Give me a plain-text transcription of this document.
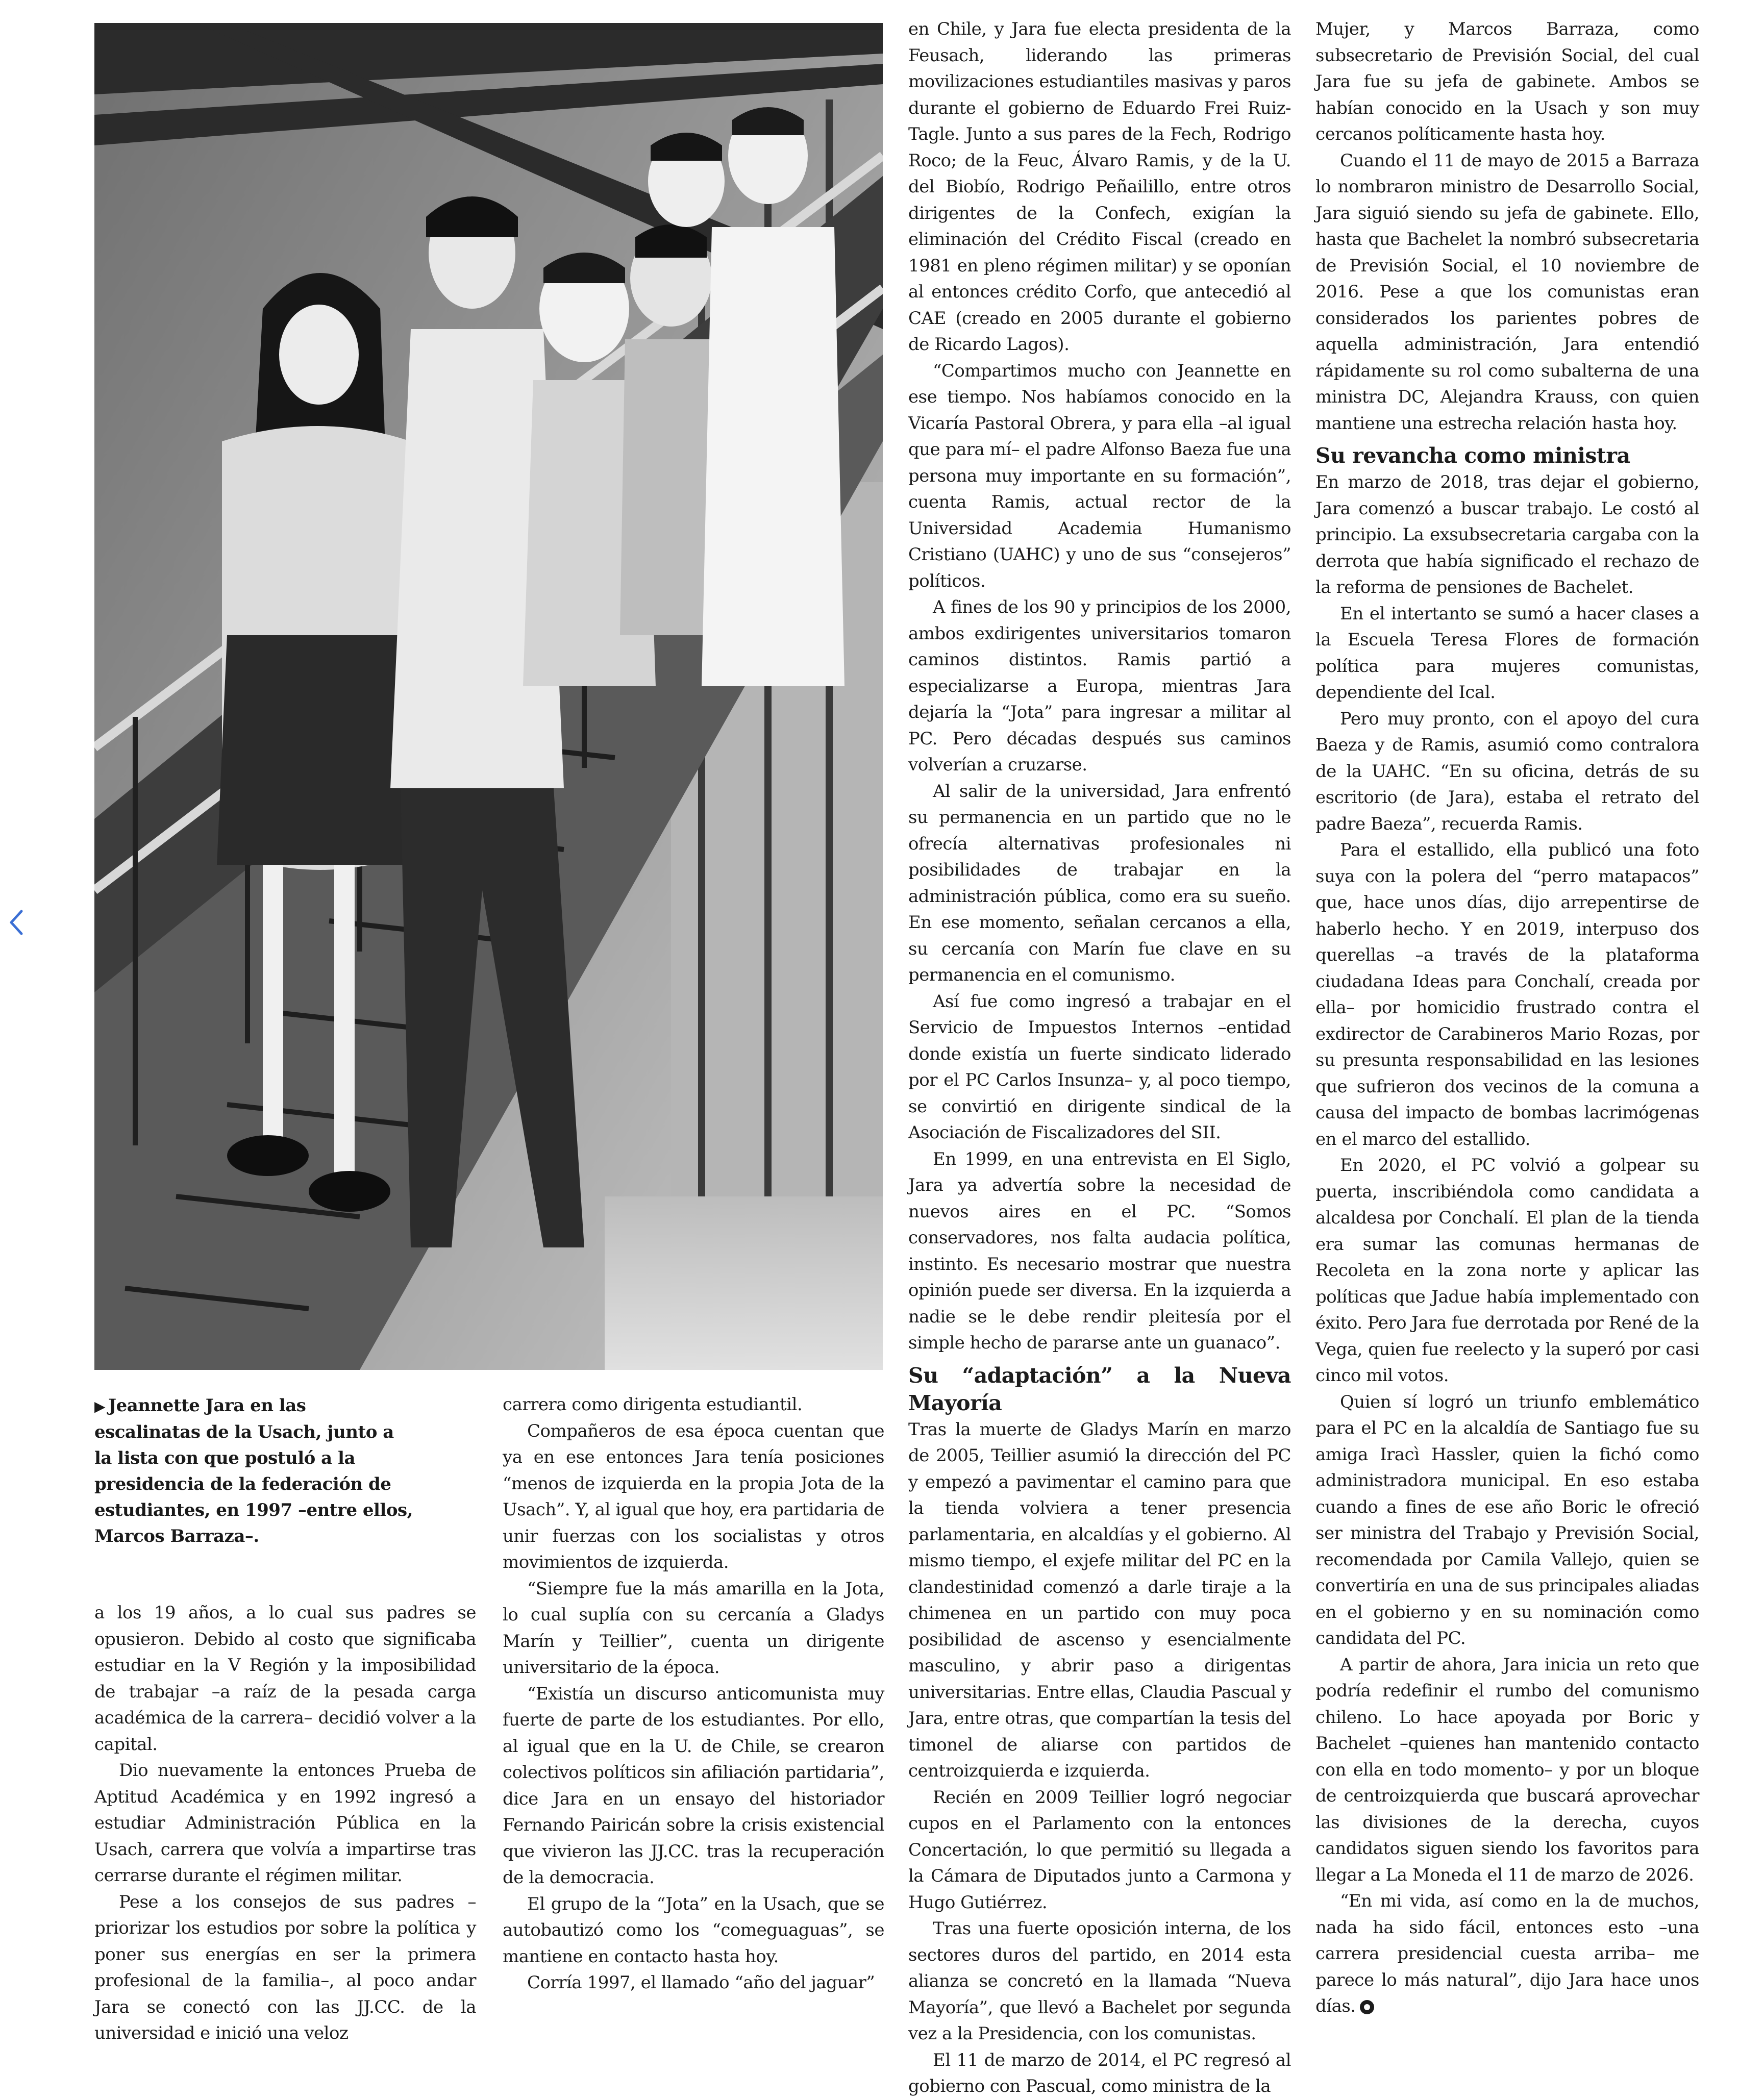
▶ Jeannette Jara en las escalinatas de la Usach, junto a la lista con que postuló a la presidencia de la federación de estudiantes, en 1997 –entre ellos, Marcos Barraza–.

a los 19 años, a lo cual sus padres se opusieron. Debido al costo que significaba estudiar en la V Región y la imposibilidad de trabajar –a raíz de la pesada carga académica de la carrera– decidió volver a la capital.

Dio nuevamente la entonces Prueba de Aptitud Académica y en 1992 ingresó a estudiar Administración Pública en la Usach, carrera que volvía a impartirse tras cerrarse durante el régimen militar.

Pese a los consejos de sus padres –priorizar los estudios por sobre la política y poner sus energías en ser la primera profesional de la familia–, al poco andar Jara se conectó con las JJ.CC. de la universidad e inició una veloz

carrera como dirigenta estudiantil.

Compañeros de esa época cuentan que ya en ese entonces Jara tenía posiciones “menos de izquierda en la propia Jota de la Usach”. Y, al igual que hoy, era partidaria de unir fuerzas con los socialistas y otros movimientos de izquierda.

“Siempre fue la más amarilla en la Jota, lo cual suplía con su cercanía a Gladys Marín y Teillier”, cuenta un dirigente universitario de la época.

“Existía un discurso anticomunista muy fuerte de parte de los estudiantes. Por ello, al igual que en la U. de Chile, se crearon colectivos políticos sin afiliación partidaria”, dice Jara en un ensayo del historiador Fernando Pairicán sobre la crisis existencial que vivieron las JJ.CC. tras la recuperación de la democracia.

El grupo de la “Jota” en la Usach, que se autobautizó como los “comeguaguas”, se mantiene en contacto hasta hoy.

Corría 1997, el llamado “año del jaguar”

en Chile, y Jara fue electa presidenta de la Feusach, liderando las primeras movilizaciones estudiantiles masivas y paros durante el gobierno de Eduardo Frei Ruiz-Tagle. Junto a sus pares de la Fech, Rodrigo Roco; de la Feuc, Álvaro Ramis, y de la U. del Biobío, Rodrigo Peñailillo, entre otros dirigentes de la Confech, exigían la eliminación del Crédito Fiscal (creado en 1981 en pleno régimen militar) y se oponían al entonces crédito Corfo, que antecedió al CAE (creado en 2005 durante el gobierno de Ricardo Lagos).

“Compartimos mucho con Jeannette en ese tiempo. Nos habíamos conocido en la Vicaría Pastoral Obrera, y para ella –al igual que para mí– el padre Alfonso Baeza fue una persona muy importante en su formación”, cuenta Ramis, actual rector de la Universidad Academia Humanismo Cristiano (UAHC) y uno de sus “consejeros” políticos.

A fines de los 90 y principios de los 2000, ambos exdirigentes universitarios tomaron caminos distintos. Ramis partió a especializarse a Europa, mientras Jara dejaría la “Jota” para ingresar a militar al PC. Pero décadas después sus caminos volverían a cruzarse.

Al salir de la universidad, Jara enfrentó su permanencia en un partido que no le ofrecía alternativas profesionales ni posibilidades de trabajar en la administración pública, como era su sueño. En ese momento, señalan cercanos a ella, su cercanía con Marín fue clave en su permanencia en el comunismo.

Así fue como ingresó a trabajar en el Servicio de Impuestos Internos –entidad donde existía un fuerte sindicato liderado por el PC Carlos Insunza– y, al poco tiempo, se convirtió en dirigente sindical de la Asociación de Fiscalizadores del SII.

En 1999, en una entrevista en El Siglo, Jara ya advertía sobre la necesidad de nuevos aires en el PC. “Somos conservadores, nos falta audacia política, instinto. Es necesario mostrar que nuestra opinión puede ser diversa. En la izquierda a nadie se le debe rendir pleitesía por el simple hecho de pararse ante un guanaco”.

Su “adaptación” a la Nueva Mayoría

Tras la muerte de Gladys Marín en marzo de 2005, Teillier asumió la dirección del PC y empezó a pavimentar el camino para que la tienda volviera a tener presencia parlamentaria, en alcaldías y el gobierno. Al mismo tiempo, el exjefe militar del PC en la clandestinidad comenzó a darle tiraje a la chimenea en un partido con muy poca posibilidad de ascenso y esencialmente masculino, y abrir paso a dirigentas universitarias. Entre ellas, Claudia Pascual y Jara, entre otras, que compartían la tesis del timonel de aliarse con partidos de centroizquierda e izquierda.

Recién en 2009 Teillier logró negociar cupos en el Parlamento con la entonces Concertación, lo que permitió su llegada a la Cámara de Diputados junto a Carmona y Hugo Gutiérrez.

Tras una fuerte oposición interna, de los sectores duros del partido, en 2014 esta alianza se concretó en la llamada “Nueva Mayoría”, que llevó a Bachelet por segunda vez a la Presidencia, con los comunistas.

El 11 de marzo de 2014, el PC regresó al gobierno con Pascual, como ministra de la

Mujer, y Marcos Barraza, como subsecretario de Previsión Social, del cual Jara fue su jefa de gabinete. Ambos se habían conocido en la Usach y son muy cercanos políticamente hasta hoy.

Cuando el 11 de mayo de 2015 a Barraza lo nombraron ministro de Desarrollo Social, Jara siguió siendo su jefa de gabinete. Ello, hasta que Bachelet la nombró subsecretaria de Previsión Social, el 10 noviembre de 2016. Pese a que los comunistas eran considerados los parientes pobres de aquella administración, Jara entendió rápidamente su rol como subalterna de una ministra DC, Alejandra Krauss, con quien mantiene una estrecha relación hasta hoy.

Su revancha como ministra

En marzo de 2018, tras dejar el gobierno, Jara comenzó a buscar trabajo. Le costó al principio. La exsubsecretaria cargaba con la derrota que había significado el rechazo de la reforma de pensiones de Bachelet.

En el intertanto se sumó a hacer clases a la Escuela Teresa Flores de formación política para mujeres comunistas, dependiente del Ical.

Pero muy pronto, con el apoyo del cura Baeza y de Ramis, asumió como contralora de la UAHC. “En su oficina, detrás de su escritorio (de Jara), estaba el retrato del padre Baeza”, recuerda Ramis.

Para el estallido, ella publicó una foto suya con la polera del “perro matapacos” que, hace unos días, dijo arrepentirse de haberlo hecho. Y en 2019, interpuso dos querellas –a través de la plataforma ciudadana Ideas para Conchalí, creada por ella– por homicidio frustrado contra el exdirector de Carabineros Mario Rozas, por su presunta responsabilidad en las lesiones que sufrieron dos vecinos de la comuna a causa del impacto de bombas lacrimógenas en el marco del estallido.

En 2020, el PC volvió a golpear su puerta, inscribiéndola como candidata a alcaldesa por Conchalí. El plan de la tienda era sumar las comunas hermanas de Recoleta en la zona norte y aplicar las políticas que Jadue había implementado con éxito. Pero Jara fue derrotada por René de la Vega, quien fue reelecto y la superó por casi cinco mil votos.

Quien sí logró un triunfo emblemático para el PC en la alcaldía de Santiago fue su amiga Iracì Hassler, quien la fichó como administradora municipal. En eso estaba cuando a fines de ese año Boric le ofreció ser ministra del Trabajo y Previsión Social, recomendada por Camila Vallejo, quien se convertiría en una de sus principales aliadas en el gobierno y en su nominación como candidata del PC.

A partir de ahora, Jara inicia un reto que podría redefinir el rumbo del comunismo chileno. Lo hace apoyada por Boric y Bachelet –quienes han mantenido contacto con ella en todo momento– y por un bloque de centroizquierda que buscará aprovechar las divisiones de la derecha, cuyos candidatos siguen siendo los favoritos para llegar a La Moneda el 11 de marzo de 2026.

“En mi vida, así como en la de muchos, nada ha sido fácil, entonces esto –una carrera presidencial cuesta arriba– me parece lo más natural”, dijo Jara hace unos días.
